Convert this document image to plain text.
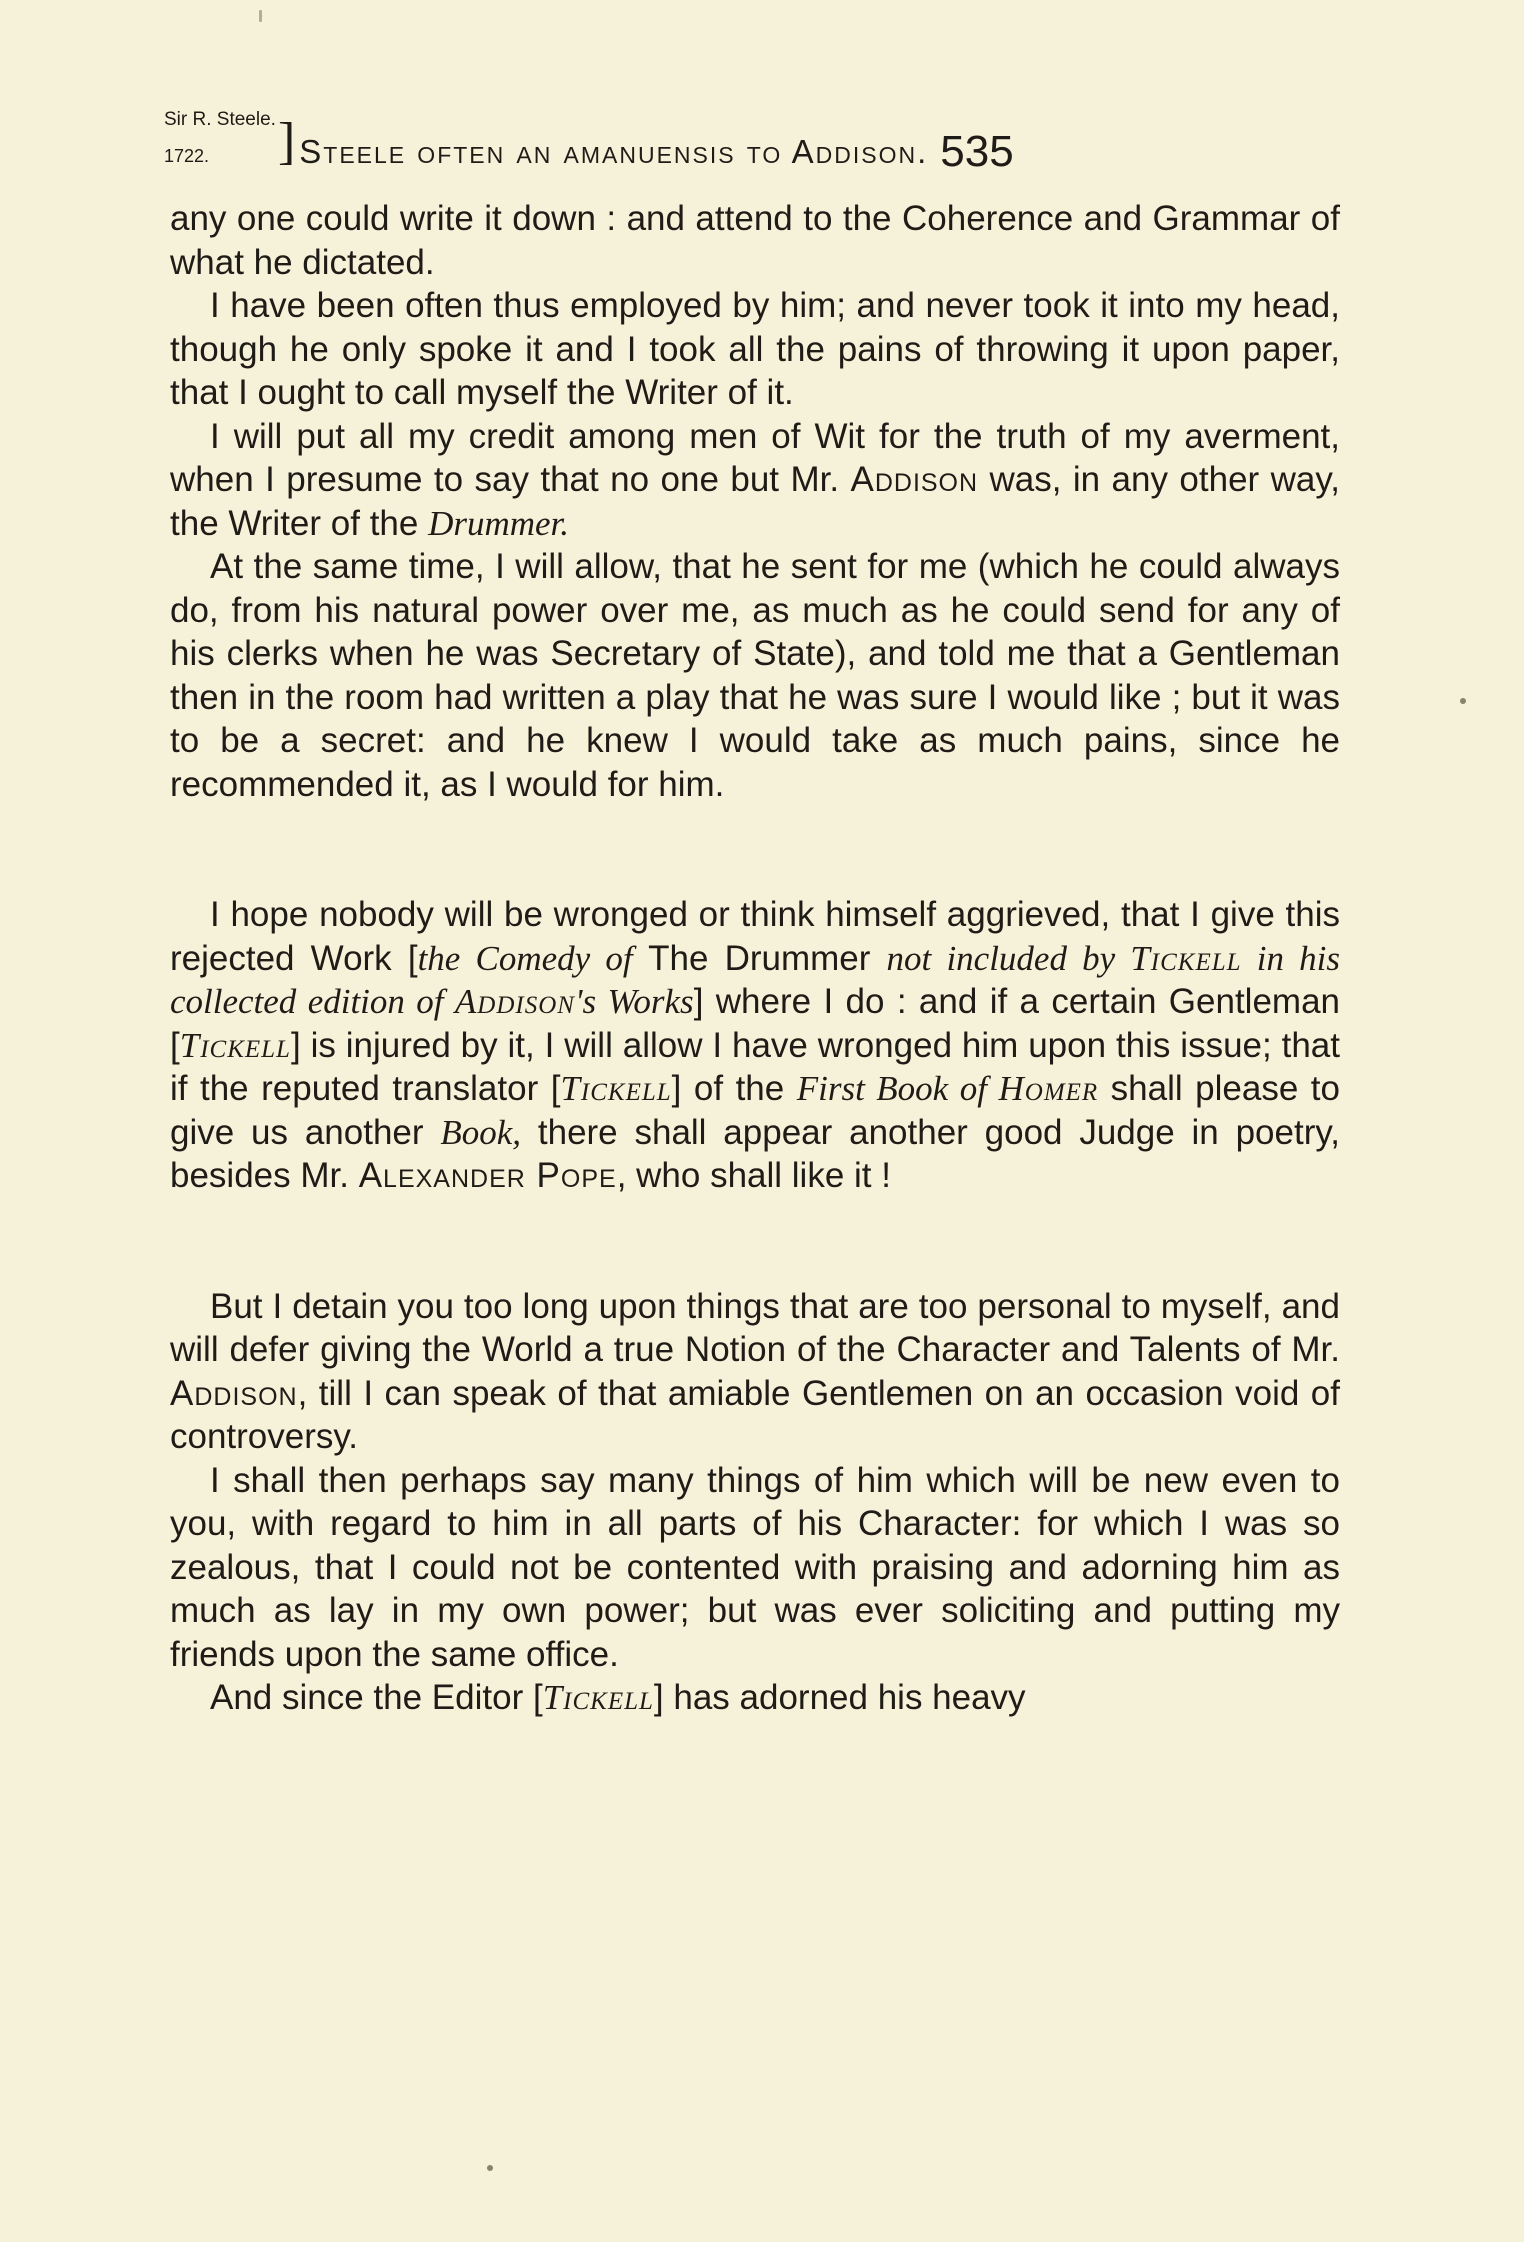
Sir R. Steele.
1722.	] Steele often an amanuensis to Addison. 535

any one could write it down : and attend to the Coherence and Grammar of what he dictated.

I have been often thus employed by him; and never took it into my head, though he only spoke it and I took all the pains of throwing it upon paper, that I ought to call myself the Writer of it.

I will put all my credit among men of Wit for the truth of my averment, when I presume to say that no one but Mr. Addison was, in any other way, the Writer of the Drummer.

At the same time, I will allow, that he sent for me (which he could always do, from his natural power over me, as much as he could send for any of his clerks when he was Secretary of State), and told me that a Gentleman then in the room had written a play that he was sure I would like ; but it was to be a secret: and he knew I would take as much pains, since he recommended it, as I would for him.

I hope nobody will be wronged or think himself aggrieved, that I give this rejected Work [the Comedy of The Drummer not included by Tickell in his collected edition of Addison's Works] where I do : and if a certain Gentleman [Tickell] is injured by it, I will allow I have wronged him upon this issue; that if the reputed translator [Tickell] of the First Book of Homer shall please to give us another Book, there shall appear another good Judge in poetry, besides Mr. Alexander Pope, who shall like it !

But I detain you too long upon things that are too personal to myself, and will defer giving the World a true Notion of the Character and Talents of Mr. Addison, till I can speak of that amiable Gentlemen on an occasion void of controversy.

I shall then perhaps say many things of him which will be new even to you, with regard to him in all parts of his Character: for which I was so zealous, that I could not be contented with praising and adorning him as much as lay in my own power; but was ever soliciting and putting my friends upon the same office.

And since the Editor [Tickell] has adorned his heavy
